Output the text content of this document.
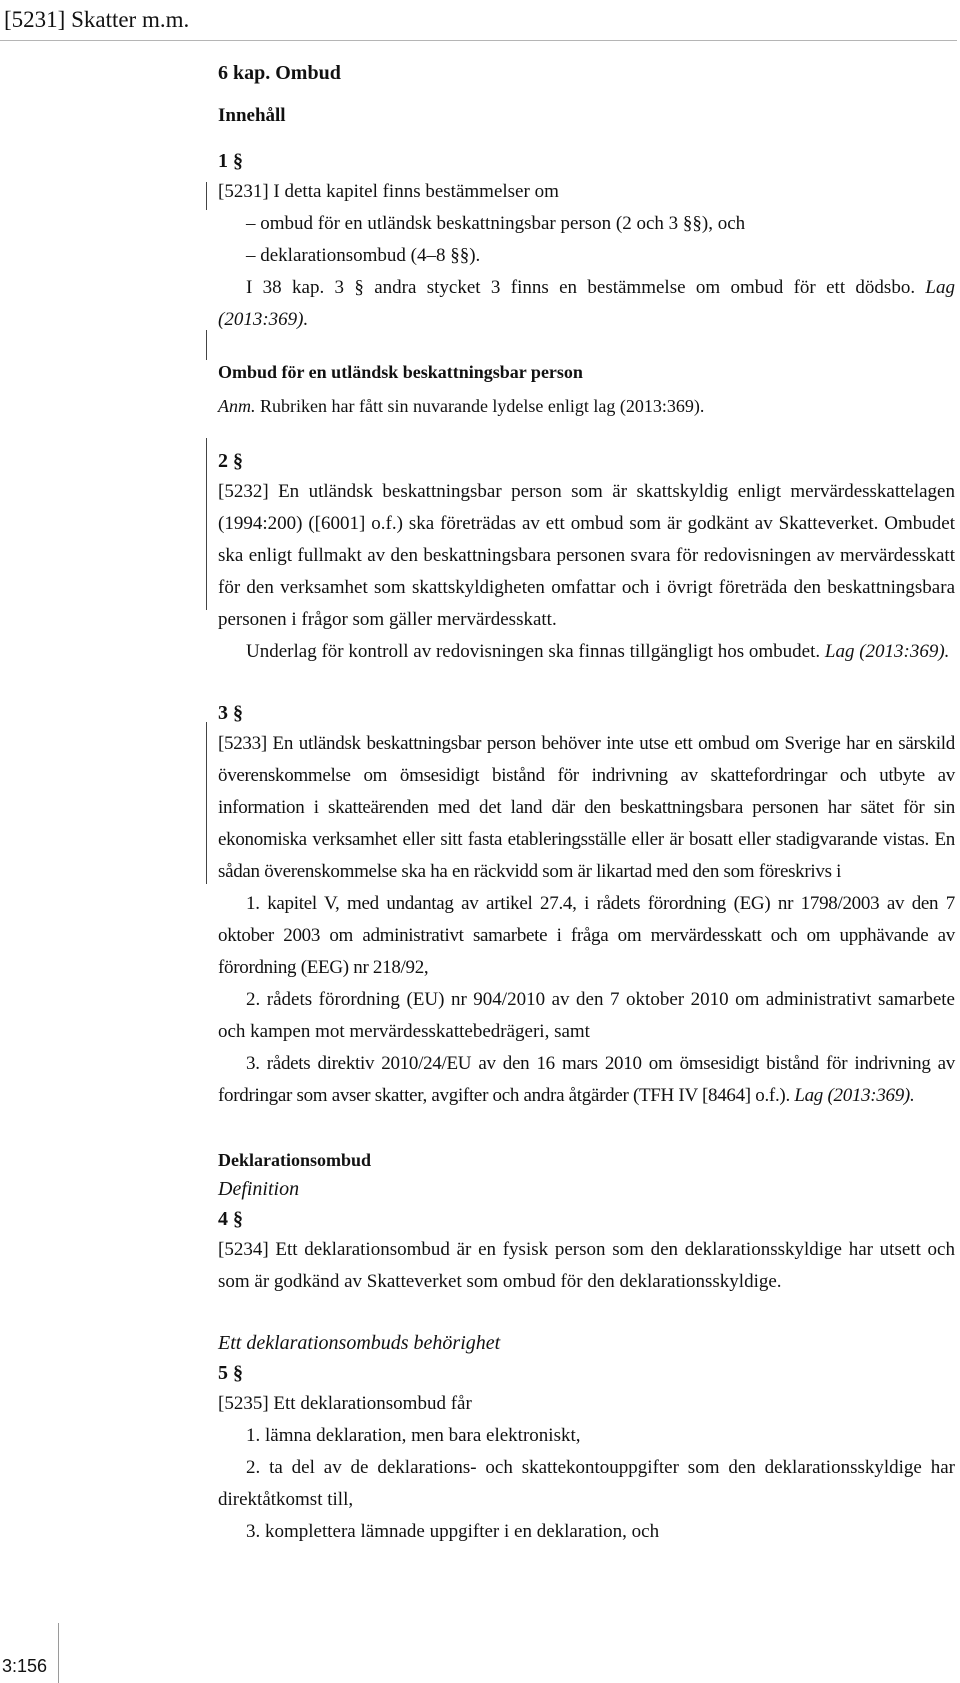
[5231] Skatter m.m.
6 kap. Ombud
Innehåll
1 §

[5231] I detta kapitel finns bestämmelser om

– ombud för en utländsk beskattningsbar person (2 och 3 §§), och

– deklarationsombud (4–8 §§).

I 38 kap. 3 § andra stycket 3 finns en bestämmelse om ombud för ett dödsbo. Lag (2013:369).

Ombud för en utländsk beskattningsbar person
Anm. Rubriken har fått sin nuvarande lydelse enligt lag (2013:369).
2 §

[5232] En utländsk beskattningsbar person som är skattskyldig enligt mervärdesskattelagen (1994:200) ([6001] o.f.) ska företrädas av ett ombud som är godkänt av Skatteverket. Ombudet ska enligt fullmakt av den beskattningsbara personen svara för redovisningen av mervärdesskatt för den verksamhet som skattskyldigheten omfattar och i övrigt företräda den beskattningsbara personen i frågor som gäller mervärdesskatt.

Underlag för kontroll av redovisningen ska finnas tillgängligt hos ombudet. Lag (2013:369).

3 §

[5233] En utländsk beskattningsbar person behöver inte utse ett ombud om Sverige har en särskild överenskommelse om ömsesidigt bistånd för indrivning av skattefordringar och utbyte av information i skatteärenden med det land där den beskattningsbara personen har sätet för sin ekonomiska verksamhet eller sitt fasta etableringsställe eller är bosatt eller stadigvarande vistas. En sådan överenskommelse ska ha en räckvidd som är likartad med den som föreskrivs i

1. kapitel V, med undantag av artikel 27.4, i rådets förordning (EG) nr 1798/2003 av den 7 oktober 2003 om administrativt samarbete i fråga om mervärdesskatt och om upphävande av förordning (EEG) nr 218/92,

2. rådets förordning (EU) nr 904/2010 av den 7 oktober 2010 om administrativt samarbete och kampen mot mervärdesskattebedrägeri, samt

3. rådets direktiv 2010/24/EU av den 16 mars 2010 om ömsesidigt bistånd för indrivning av fordringar som avser skatter, avgifter och andra åtgärder (TFH IV [8464] o.f.). Lag (2013:369).

Deklarationsombud
Definition
4 §

[5234] Ett deklarationsombud är en fysisk person som den deklarationsskyldige har utsett och som är godkänd av Skatteverket som ombud för den deklarationsskyldige.

Ett deklarationsombuds behörighet
5 §

[5235] Ett deklarationsombud får

1. lämna deklaration, men bara elektroniskt,

2. ta del av de deklarations- och skattekontouppgifter som den deklarationsskyldige har direktåtkomst till,

3. komplettera lämnade uppgifter i en deklaration, och

3:156
